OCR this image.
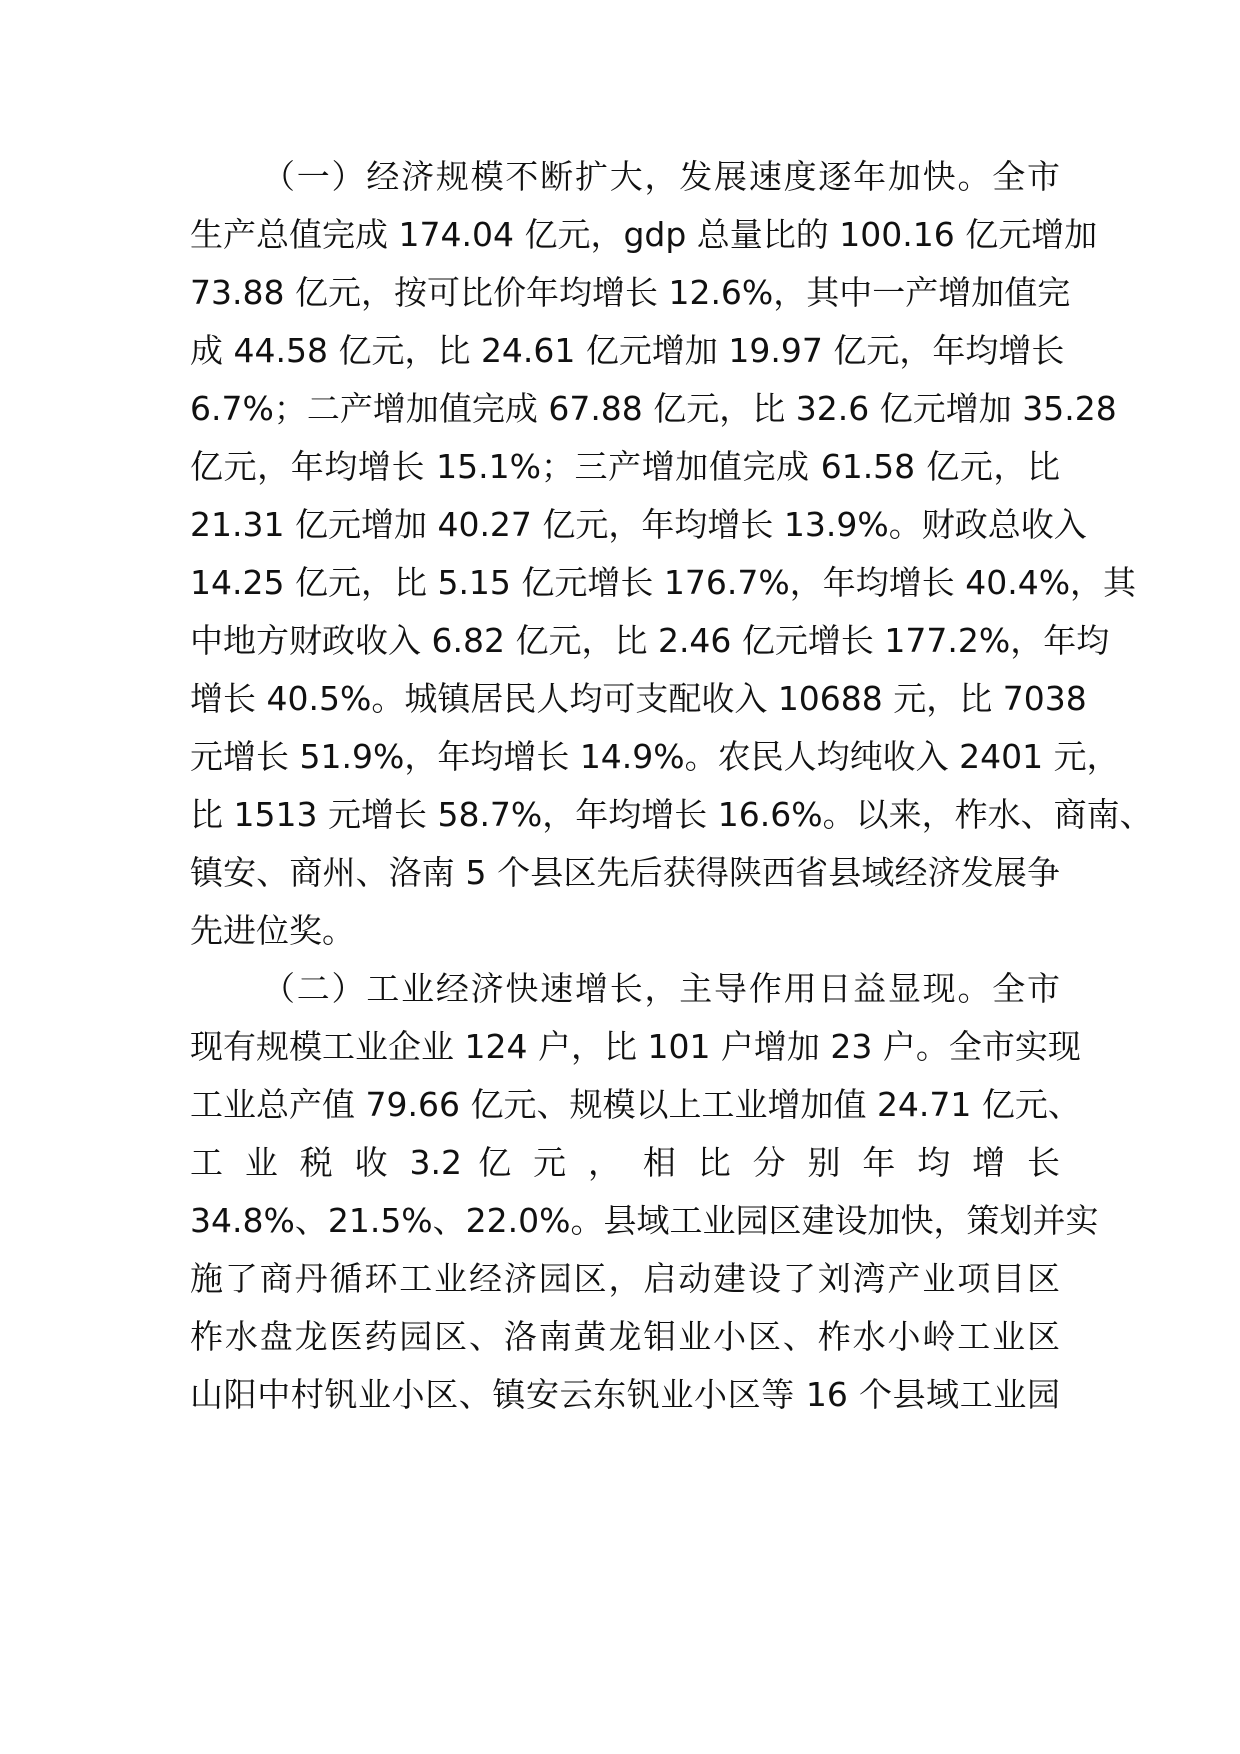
（一）经济规模不断扩大，发展速度逐年加快。全市
生产总值完成 174.04 亿元，gdp 总量比的 100.16 亿元增加
73.88 亿元，按可比价年均增长 12.6%，其中一产增加值完
成 44.58 亿元，比 24.61 亿元增加 19.97 亿元，年均增长
6.7%；二产增加值完成 67.88 亿元，比 32.6 亿元增加 35.28
亿元，年均增长 15.1%；三产增加值完成 61.58 亿元，比
21.31 亿元增加 40.27 亿元，年均增长 13.9%。财政总收入
14.25 亿元，比 5.15 亿元增长 176.7%，年均增长 40.4%，其
中地方财政收入 6.82 亿元，比 2.46 亿元增长 177.2%，年均
增长 40.5%。城镇居民人均可支配收入 10688 元，比 7038
元增长 51.9%，年均增长 14.9%。农民人均纯收入 2401 元，
比 1513 元增长 58.7%，年均增长 16.6%。以来，柞水、商南、
镇安、商州、洛南 5 个县区先后获得陕西省县域经济发展争
先进位奖。
（二）工业经济快速增长，主导作用日益显现。全市
现有规模工业企业 124 户，比 101 户增加 23 户。全市实现
工业总产值 79.66 亿元、规模以上工业增加值 24.71 亿元、
工 业 税 收 3.2 亿 元 ， 相 比 分 别 年 均 增 长
34.8%、21.5%、22.0%。县域工业园区建设加快，策划并实
施了商丹循环工业经济园区，启动建设了刘湾产业项目区
柞水盘龙医药园区、洛南黄龙钼业小区、柞水小岭工业区
山阳中村钒业小区、镇安云东钒业小区等 16 个县域工业园
